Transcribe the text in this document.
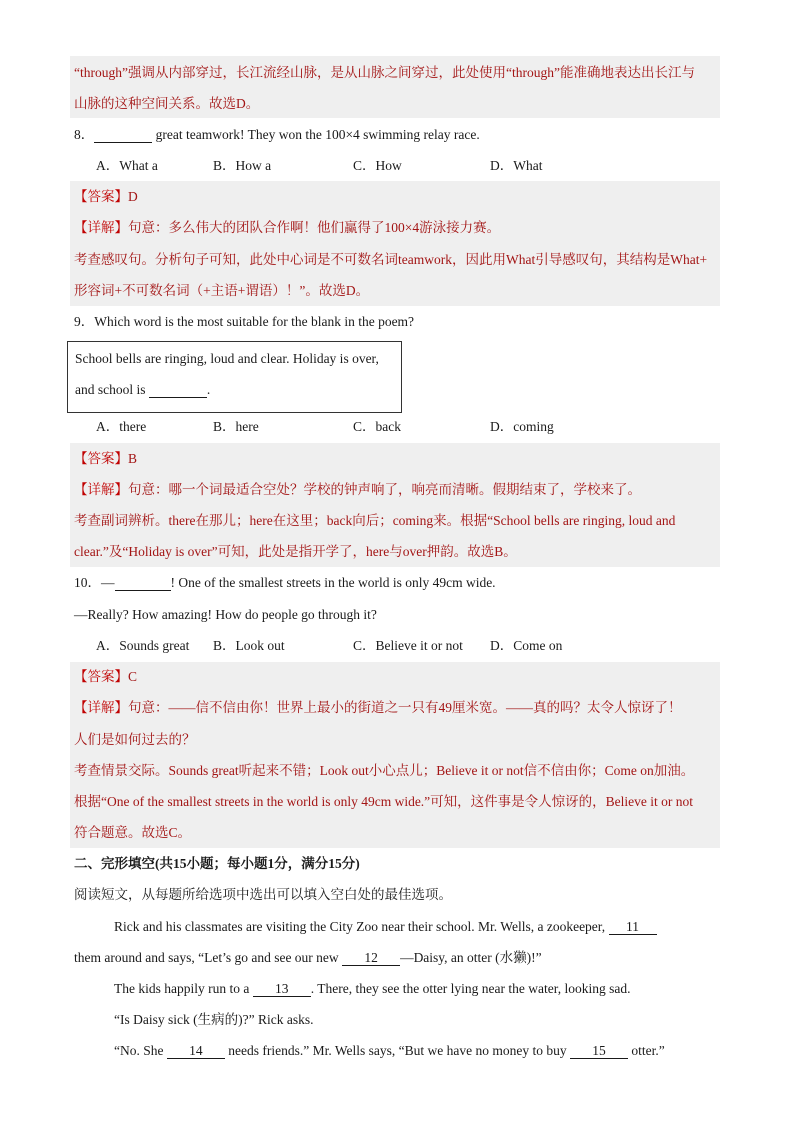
“through”强调从内部穿过，长江流经山脉，是从山脉之间穿过，此处使用“through”能准确地表达出长江与
山脉的这种空间关系。故选D。
8．	great teamwork! They won the 100×4 swimming relay race.
A．What a	B．How a	C．How	D．What
【答案】D
【详解】句意：多么伟大的团队合作啊！他们赢得了100×4游泳接力赛。
考查感叹句。分析句子可知，此处中心词是不可数名词teamwork，因此用What引导感叹句，其结构是What+
形容词+不可数名词（+主语+谓语）！”。故选D。
9．Which word is the most suitable for the blank in the poem?
School bells are ringing, loud and clear. Holiday is over,
and school is	.
A．there	B．here	C．back	D．coming
【答案】B
【详解】句意：哪一个词最适合空处？学校的钟声响了，响亮而清晰。假期结束了，学校来了。
考查副词辨析。there在那儿；here在这里；back向后；coming来。根据“School bells are ringing, loud and
clear.”及“Holiday is over”可知，此处是指开学了，here与over押韵。故选B。
10．—	! One of the smallest streets in the world is only 49cm wide.
—Really? How amazing! How do people go through it?
A．Sounds great B．Look out	C．Believe it or not D．Come on
【答案】C
【详解】句意：——信不信由你！世界上最小的街道之一只有49厘米宽。——真的吗？太令人惊讶了！
人们是如何过去的？
考查情景交际。Sounds great听起来不错；Look out小心点儿；Believe it or not信不信由你；Come on加油。
根据“One of the smallest streets in the world is only 49cm wide.”可知，这件事是令人惊讶的，Believe it or not
符合题意。故选C。
二、完形填空(共15小题；每小题1分，满分15分)
阅读短文，从每题所给选项中选出可以填入空白处的最佳选项。
Rick and his classmates are visiting the City Zoo near their school. Mr. Wells, a zookeeper, 11
them around and says, “Let’s go and see our new 12 —Daisy, an otter (水獭)!”
The kids happily run to a 13 . There, they see the otter lying near the water, looking sad.
“Is Daisy sick (生病的)?” Rick asks.
“No. She 14 needs friends.” Mr. Wells says, “But we have no money to buy 15 otter.”
